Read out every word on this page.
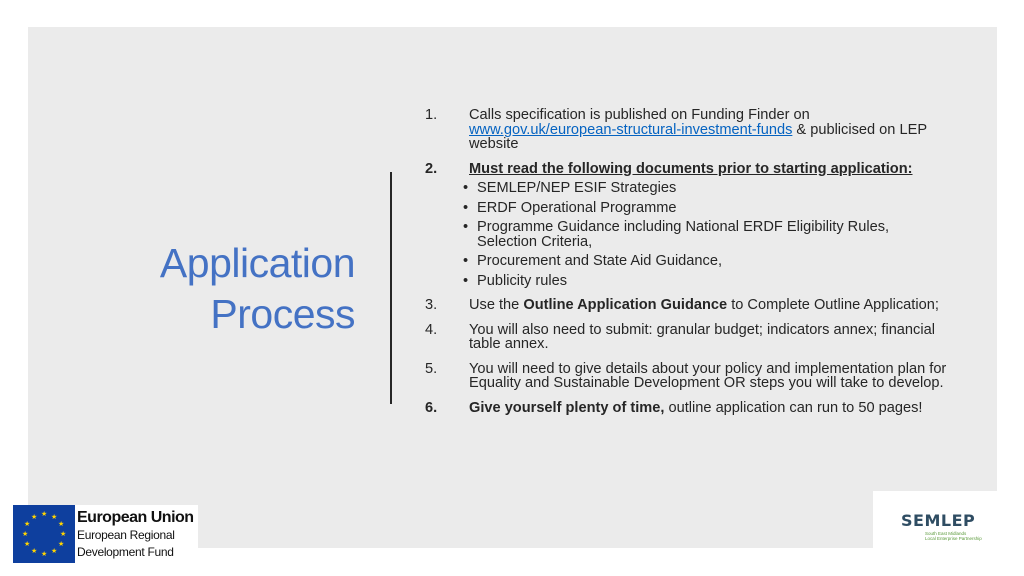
Application
Process
1.	Calls specification is published on Funding Finder on
www.gov.uk/european-structural-investment-funds & publicised on LEP website
2.	Must read the following documents prior to starting application:
• SEMLEP/NEP ESIF Strategies
• ERDF Operational Programme
• Programme Guidance including National ERDF Eligibility Rules, Selection Criteria,
• Procurement and State Aid Guidance,
• Publicity rules
3.	Use the Outline Application Guidance to Complete Outline Application;
4.	You will also need to submit: granular budget; indicators annex; financial table annex.
5.	You will need to give details about your policy and implementation plan for Equality and Sustainable Development OR steps you will take to develop.
6.	Give yourself plenty of time, outline application can run to 50 pages!
★ ★
★
★
★
★
★
★
★
★
★
★ European Union
European Regional
Development Fund
SEMLEP
South East Midlands
Local Enterprise Partnership
